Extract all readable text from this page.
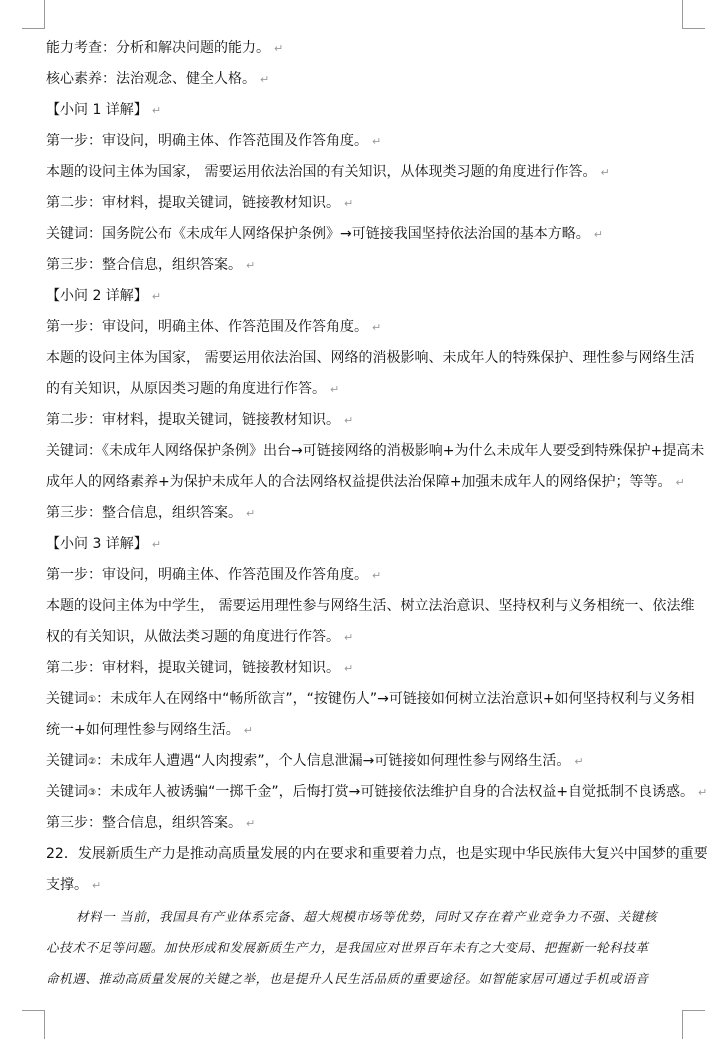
能力考查：分析和解决问题的能力。 ↵
核心素养：法治观念、健全人格。 ↵
【小问 1 详解】 ↵
第一步：审设问，明确主体、作答范围及作答角度。 ↵
本题的设问主体为国家， 需要运用依法治国的有关知识，从体现类习题的角度进行作答。 ↵
第二步：审材料，提取关键词，链接教材知识。 ↵
关键词：国务院公布《未成年人网络保护条例》→可链接我国坚持依法治国的基本方略。 ↵
第三步：整合信息，组织答案。 ↵
【小问 2 详解】 ↵
第一步：审设问，明确主体、作答范围及作答角度。 ↵
本题的设问主体为国家， 需要运用依法治国、网络的消极影响、未成年人的特殊保护、理性参与网络生活
的有关知识，从原因类习题的角度进行作答。 ↵
第二步：审材料，提取关键词，链接教材知识。 ↵
关键词：《未成年人网络保护条例》出台→可链接网络的消极影响+为什么未成年人要受到特殊保护+提高未
成年人的网络素养+为保护未成年人的合法网络权益提供法治保障+加强未成年人的网络保护；等等。 ↵
第三步：整合信息，组织答案。 ↵
【小问 3 详解】 ↵
第一步：审设问，明确主体、作答范围及作答角度。 ↵
本题的设问主体为中学生， 需要运用理性参与网络生活、树立法治意识、坚持权利与义务相统一、依法维
权的有关知识，从做法类习题的角度进行作答。 ↵
第二步：审材料，提取关键词，链接教材知识。 ↵
关键词①：未成年人在网络中“畅所欲言”，“按键伤人”→可链接如何树立法治意识+如何坚持权利与义务相
统一+如何理性参与网络生活。 ↵
关键词②：未成年人遭遇“人肉搜索”，个人信息泄漏→可链接如何理性参与网络生活。 ↵
关键词③：未成年人被诱骗“一掷千金”，后悔打赏→可链接依法维护自身的合法权益+自觉抵制不良诱惑。 ↵
第三步：整合信息，组织答案。 ↵
22．发展新质生产力是推动高质量发展的内在要求和重要着力点，也是实现中华民族伟大复兴中国梦的重要
支撑。 ↵
材料一 当前，我国具有产业体系完备、超大规模市场等优势，同时又存在着产业竞争力不强、关键核
心技术不足等问题。加快形成和发展新质生产力，是我国应对世界百年未有之大变局、把握新一轮科技革
命机遇、推动高质量发展的关键之举，也是提升人民生活品质的重要途径。如智能家居可通过手机或语音
